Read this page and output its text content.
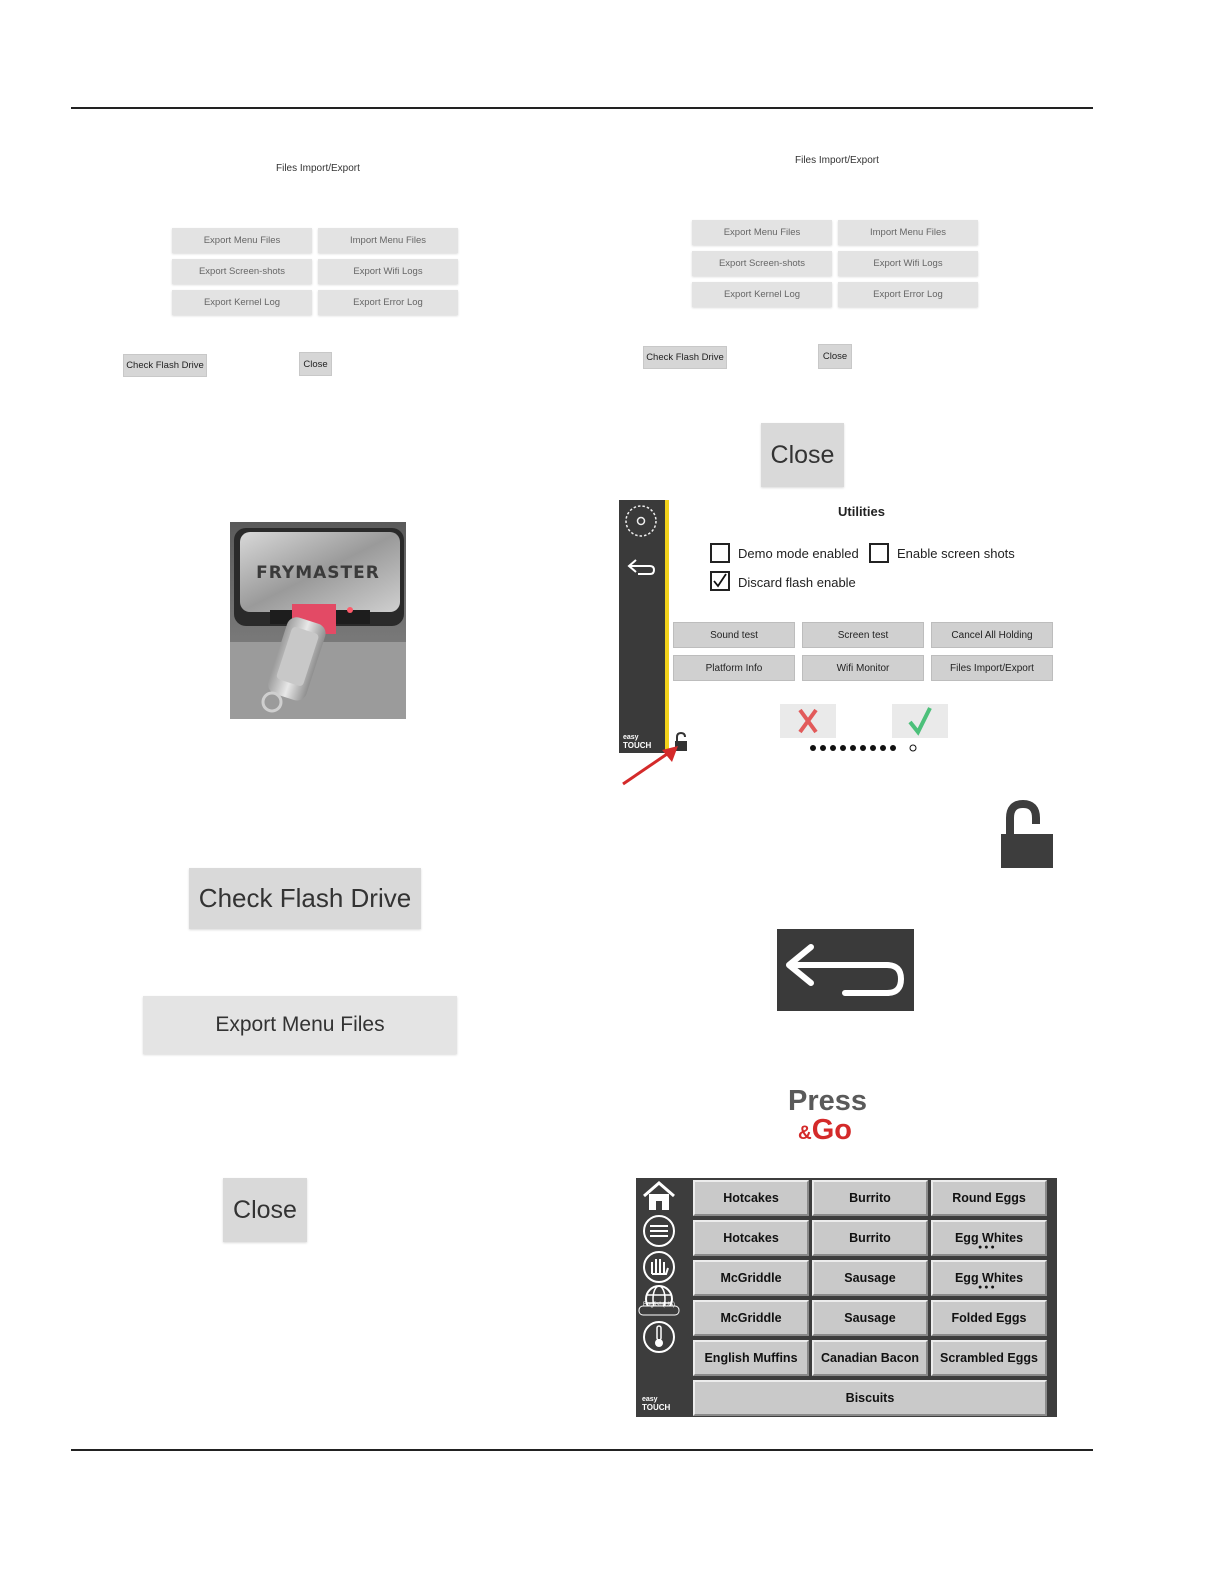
Files Import/Export
Export Menu Files	Import Menu Files
Export Screen-shots	Export Wifi Logs
Export Kernel Log	Export Error Log
Check Flash Drive	Close
Files Import/Export
Export Menu Files	Import Menu Files
Export Screen-shots	Export Wifi Logs
Export Kernel Log	Export Error Log
Check Flash Drive	Close
Close
FRYMASTER
easy
TOUCH
Utilities
Demo mode enabled	Enable screen shots
Discard flash enable
Sound test	Screen test	Cancel All Holding
Platform Info	Wifi Monitor	Files Import/Export
Check Flash Drive
Export Menu Files
Close
Press
&Go
English(US)
easy
TOUCH
Hotcakes	Burrito	Round Eggs
Hotcakes	Burrito	Egg Whites
●●●
McGriddle	Sausage	Egg Whites
●●●
McGriddle	Sausage	Folded Eggs
English Muffins	Canadian Bacon	Scrambled Eggs
Biscuits
